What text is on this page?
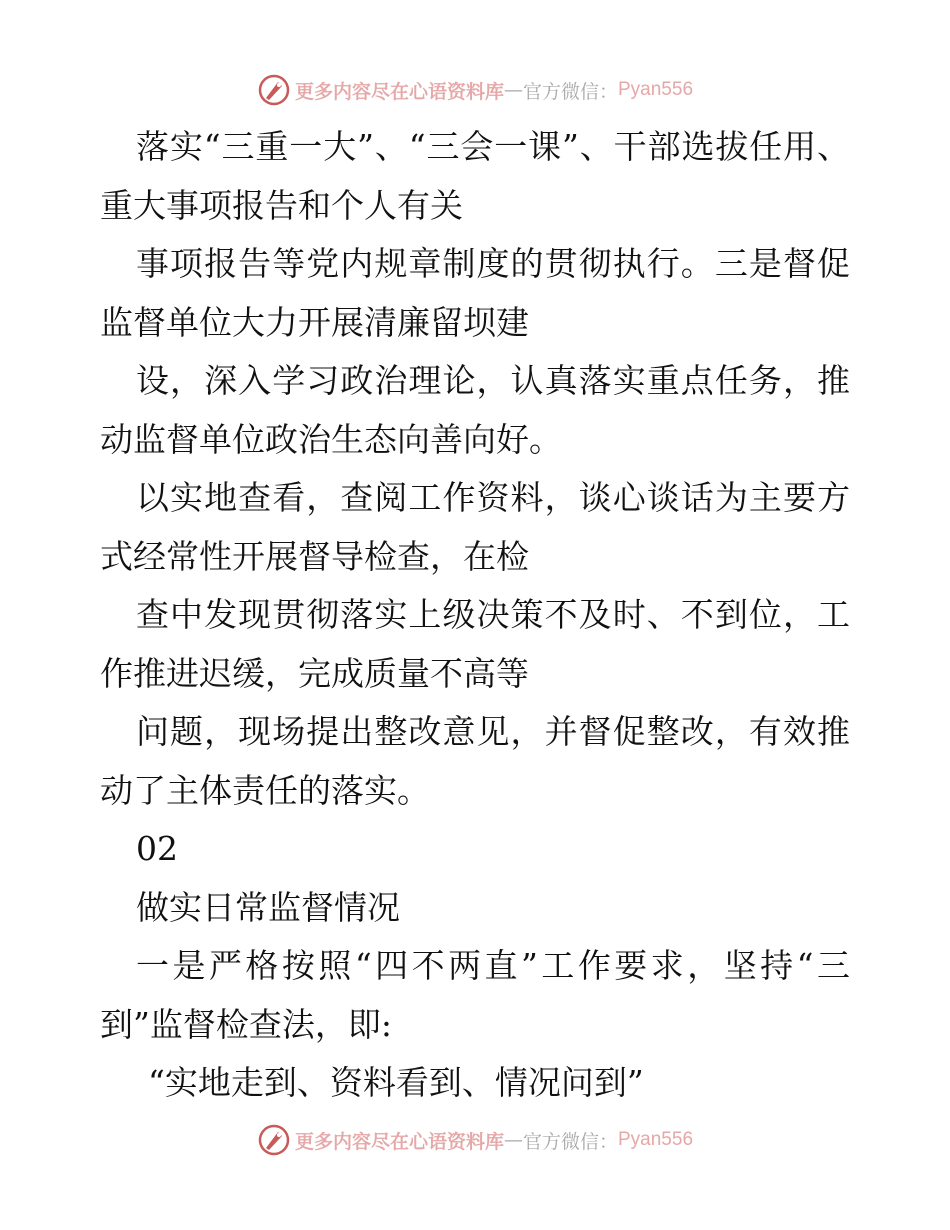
更多内容尽在心语资料库 — 官方微信： Pyan556

落实“三重一大”、“三会一课”、干部选拔任用、重大事项报告和个人有关

事项报告等党内规章制度的贯彻执行。三是督促监督单位大力开展清廉留坝建

设，深入学习政治理论，认真落实重点任务，推动监督单位政治生态向善向好。

以实地查看，查阅工作资料，谈心谈话为主要方式经常性开展督导检查，在检

查中发现贯彻落实上级决策不及时、不到位，工作推进迟缓，完成质量不高等

问题，现场提出整改意见，并督促整改，有效推动了主体责任的落实。

02

做实日常监督情况

一是严格按照“四不两直”工作要求，坚持“三到”监督检查法，即:

“实地走到、资料看到、情况问到”

更多内容尽在心语资料库 — 官方微信： Pyan556
